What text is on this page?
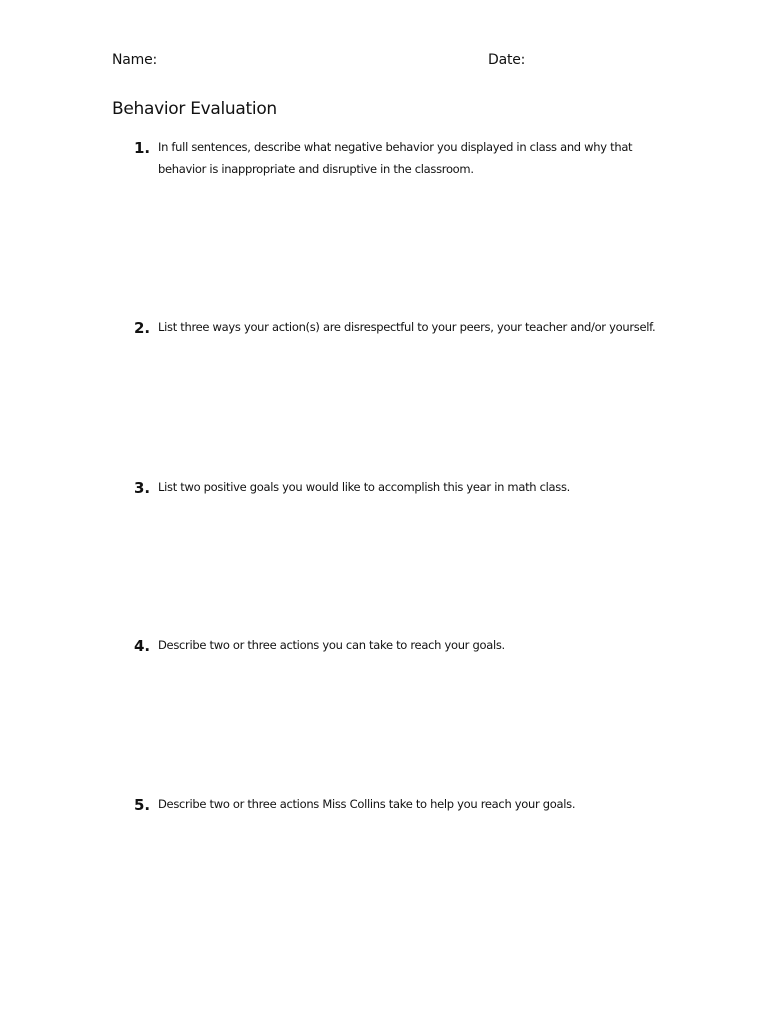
Name:	Date:
Behavior Evaluation
1. In full sentences, describe what negative behavior you displayed in class and why that behavior is inappropriate and disruptive in the classroom.
2. List three ways your action(s) are disrespectful to your peers, your teacher and/or yourself.
3. List two positive goals you would like to accomplish this year in math class.
4. Describe two or three actions you can take to reach your goals.
5. Describe two or three actions Miss Collins take to help you reach your goals.
